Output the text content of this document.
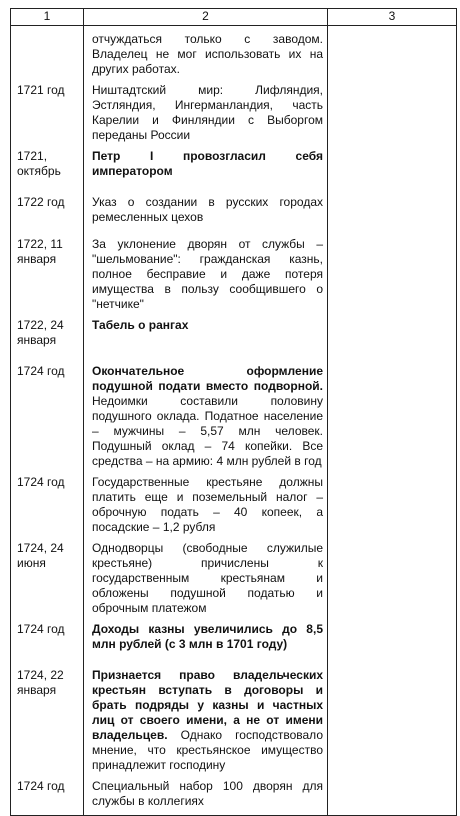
1	2	3
	отчуждаться только с заводом. Владелец не мог использовать их на других работах.	
1721 год	Ништадтский мир: Лифляндия, Эстляндия, Ингерманландия, часть Карелии и Финляндии с Выборгом переданы России	
1721, октябрь	Петр I провозгласил себя императором	
1722 год	Указ о создании в русских городах ремесленных цехов	
1722, 11 января	За уклонение дворян от службы – "шельмование": гражданская казнь, полное бесправие и даже потеря имущества в пользу сообщившего о "нетчике"	
1722, 24 января	Табель о рангах	
1724 год	Окончательное оформление подушной подати вместо подворной. Недоимки составили половину подушного оклада. Податное население – мужчины – 5,57 млн человек. Подушный оклад – 74 копейки. Все средства – на армию: 4 млн рублей в год	
1724 год	Государственные крестьяне должны платить еще и поземельный налог – оброчную подать – 40 копеек, а посадские – 1,2 рубля	
1724, 24 июня	Однодворцы (свободные служилые крестьяне) причислены к государственным крестьянам и обложены подушной податью и оброчным платежом	
1724 год	Доходы казны увеличились до 8,5 млн рублей (с 3 млн в 1701 году)	
1724, 22 января	Признается право владельческих крестьян вступать в договоры и брать подряды у казны и частных лиц от своего имени, а не от имени владельцев. Однако господствовало мнение, что крестьянское имущество принадлежит господину	
1724 год	Специальный набор 100 дворян для службы в коллегиях	
